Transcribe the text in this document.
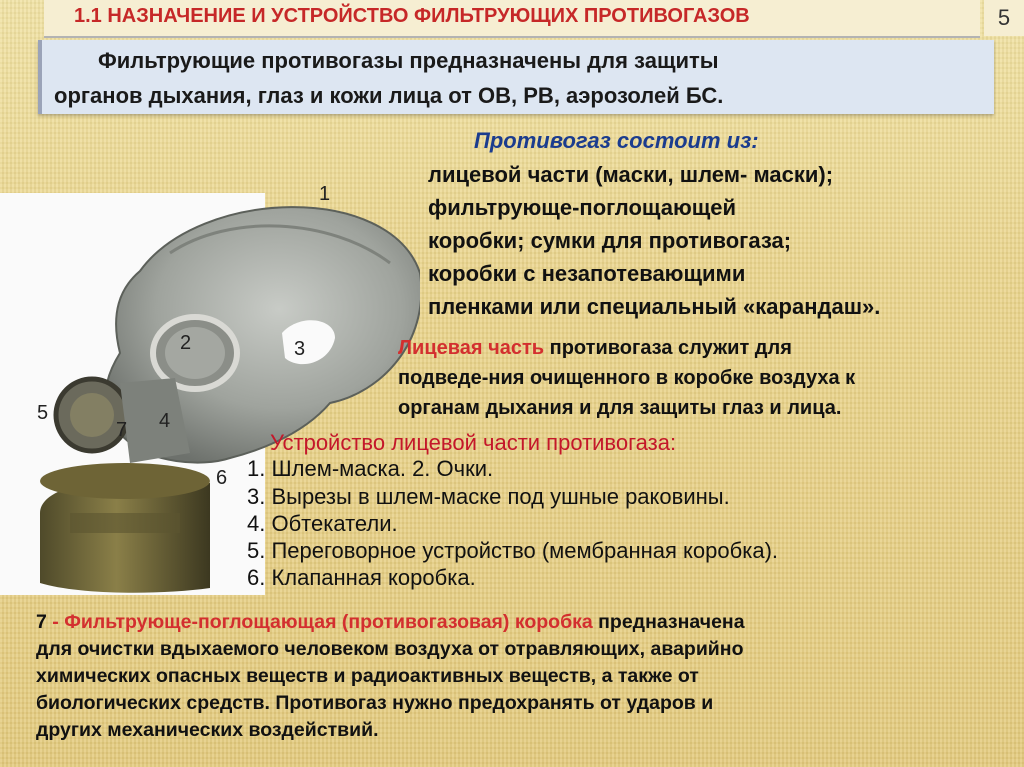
1.1 НАЗНАЧЕНИЕ И УСТРОЙСТВО ФИЛЬТРУЮЩИХ ПРОТИВОГАЗОВ	5
Фильтрующие противогазы предназначены для защиты
органов дыхания, глаз и кожи лица от ОВ, РВ, аэрозолей БС.
1
2	3
5
7 4
6
Противогаз состоит из:
лицевой части (маски, шлем- маски);
фильтрующе-поглощающей
коробки; сумки для противогаза;
коробки с незапотевающими
пленками или специальный «карандаш».
Лицевая часть противогаза служит для
подведе-ния очищенного в коробке воздуха к
органам дыхания и для защиты глаз и лица.
Устройство лицевой части противогаза:
1. Шлем-маска. 2. Очки.
3. Вырезы в шлем-маске под ушные раковины.
4. Обтекатели.
5. Переговорное устройство (мембранная коробка).
6. Клапанная коробка.
7 - Фильтрующе-поглощающая (противогазовая) коробка предназначена
для очистки вдыхаемого человеком воздуха от отравляющих, аварийно
химических опасных веществ и радиоактивных веществ, а также от
биологических средств. Противогаз нужно предохранять от ударов и
других механических воздействий.
